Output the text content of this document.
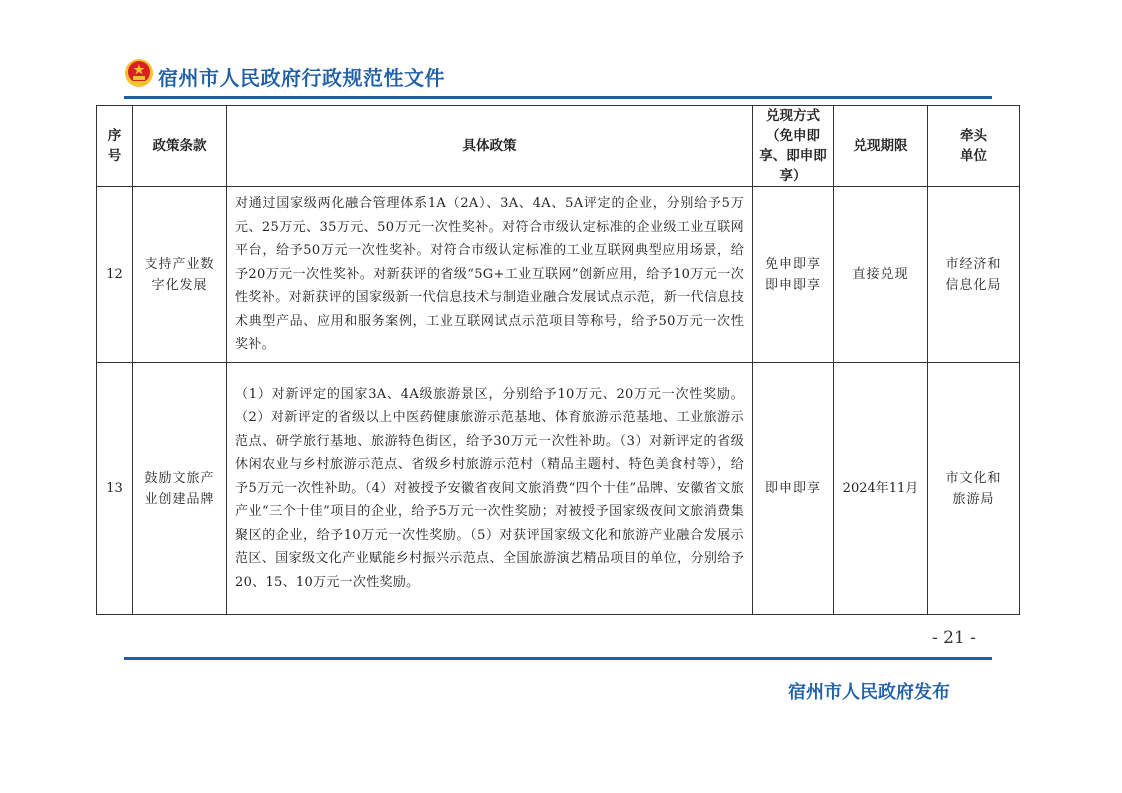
宿州市人民政府行政规范性文件
序号	政策条款	具体政策	兑现方式（免申即享、即申即享）	兑现期限	牵头单位
12	支持产业数字化发展	对通过国家级两化融合管理体系1A（2A）、3A、4A、5A评定的企业，分别给予5万元、25万元、35万元、50万元一次性奖补。对符合市级认定标准的企业级工业互联网平台，给予50万元一次性奖补。对符合市级认定标准的工业互联网典型应用场景，给予20万元一次性奖补。对新获评的省级“5G+工业互联网”创新应用，给予10万元一次性奖补。对新获评的国家级新一代信息技术与制造业融合发展试点示范，新一代信息技术典型产品、应用和服务案例，工业互联网试点示范项目等称号，给予50万元一次性奖补。	免申即享即申即享	直接兑现	市经济和信息化局
13	鼓励文旅产业创建品牌	（1）对新评定的国家3A、4A级旅游景区，分别给予10万元、20万元一次性奖励。（2）对新评定的省级以上中医药健康旅游示范基地、体育旅游示范基地、工业旅游示范点、研学旅行基地、旅游特色街区，给予30万元一次性补助。（3）对新评定的省级休闲农业与乡村旅游示范点、省级乡村旅游示范村（精品主题村、特色美食村等），给予5万元一次性补助。（4）对被授予安徽省夜间文旅消费“四个十佳”品牌、安徽省文旅产业“三个十佳”项目的企业，给予5万元一次性奖励；对被授予国家级夜间文旅消费集聚区的企业，给予10万元一次性奖励。（5）对获评国家级文化和旅游产业融合发展示范区、国家级文化产业赋能乡村振兴示范点、全国旅游演艺精品项目的单位，分别给予20、15、10万元一次性奖励。	即申即享	2024年11月	市文化和旅游局
- 21 -
宿州市人民政府发布
